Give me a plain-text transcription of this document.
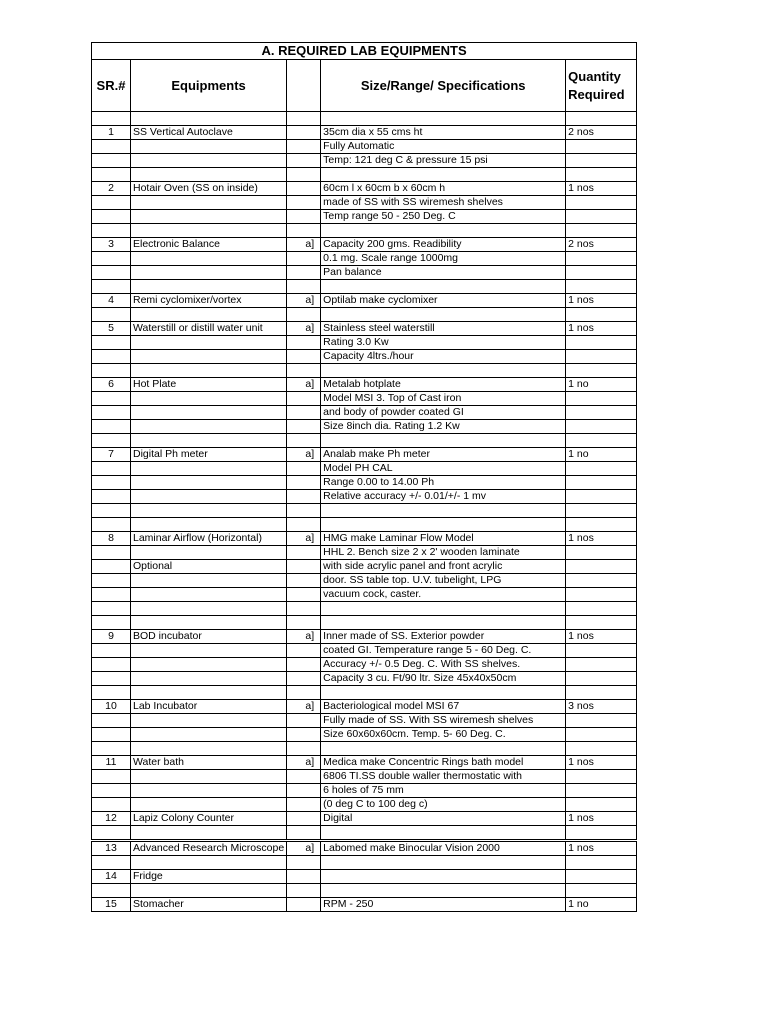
A. REQUIRED LAB EQUIPMENTS				
SR.#	Equipments		Size/Range/ Specifications	Quantity Required

1	SS Vertical Autoclave		35cm dia x 55 cms ht	2 nos
			Fully Automatic	
			Temp: 121 deg C & pressure 15 psi	

2	Hotair Oven (SS on inside)		60cm l x 60cm b x 60cm h	1 nos
			made of SS with SS wiremesh shelves	
			Temp range 50 - 250 Deg. C	

3	Electronic Balance	a]	Capacity 200 gms. Readibility	2 nos
			0.1 mg. Scale range 1000mg	
			Pan balance	

4	Remi cyclomixer/vortex	a]	Optilab make cyclomixer	1 nos

5	Waterstill or distill water unit	a]	Stainless steel waterstill	1 nos
			Rating 3.0 Kw	
			Capacity 4ltrs./hour	

6	Hot Plate	a]	Metalab hotplate	1 no
			Model MSI 3. Top of Cast iron	
			and body of powder coated GI	
			Size 8inch dia. Rating 1.2 Kw	

7	Digital Ph meter	a]	Analab make Ph meter	1 no
			Model PH CAL	
			Range 0.00 to 14.00 Ph	
			Relative accuracy +/- 0.01/+/- 1 mv	

8	Laminar Airflow (Horizontal)	a]	HMG make Laminar Flow Model	1 nos
			HHL 2. Bench size 2 x 2' wooden laminate	
	Optional		with side acrylic panel and front acrylic	
			door. SS table top. U.V. tubelight, LPG	
			vacuum cock, caster.	

9	BOD incubator	a]	Inner made of SS. Exterior powder	1 nos
			coated GI. Temperature range 5 - 60 Deg. C.	
			Accuracy +/- 0.5 Deg. C. With SS shelves.	
			Capacity 3 cu. Ft/90 ltr. Size 45x40x50cm	

10	Lab Incubator	a]	Bacteriological model MSI 67	3 nos
			Fully made of SS. With SS wiremesh shelves	
			Size 60x60x60cm. Temp. 5- 60 Deg. C.	

11	Water bath	a]	Medica make Concentric Rings bath model	1 nos
			6806 TI.SS double waller thermostatic with	
			6 holes of 75 mm	
			(0 deg C to 100 deg c)	
12	Lapiz Colony Counter		Digital	1 nos

13	Advanced Research Microscope	a]	Labomed make Binocular Vision 2000	1 nos

14	Fridge			

15	Stomacher		RPM - 250	1 no
